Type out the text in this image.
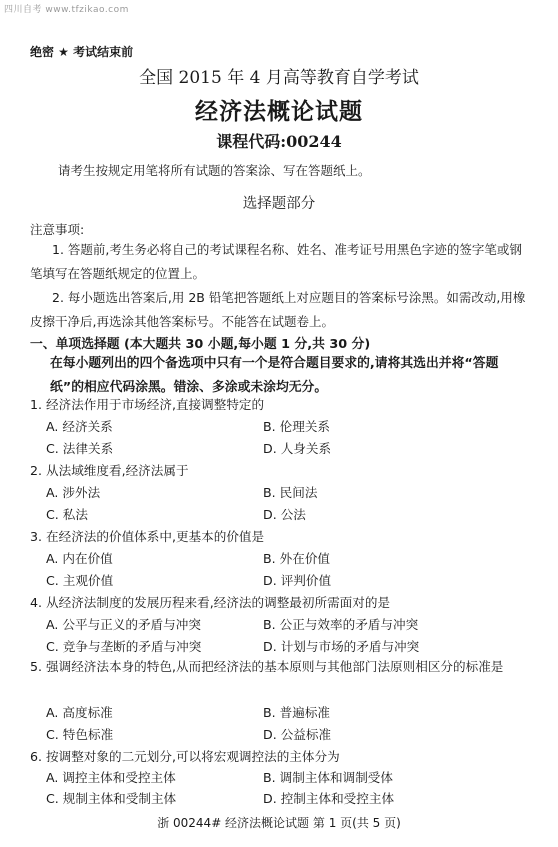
四川自考 www.tfzikao.com
绝密 ★ 考试结束前
全国 2015 年 4 月高等教育自学考试
经济法概论试题
课程代码:00244
请考生按规定用笔将所有试题的答案涂、写在答题纸上。
选择题部分
注意事项:
1. 答题前,考生务必将自己的考试课程名称、姓名、准考证号用黑色字迹的签字笔或钢笔填写在答题纸规定的位置上。
2. 每小题选出答案后,用 2B 铅笔把答题纸上对应题目的答案标号涂黑。如需改动,用橡皮擦干净后,再选涂其他答案标号。不能答在试题卷上。
一、单项选择题 (本大题共 30 小题,每小题 1 分,共 30 分)
在每小题列出的四个备选项中只有一个是符合题目要求的,请将其选出并将“答题纸”的相应代码涂黑。错涂、多涂或未涂均无分。
1. 经济法作用于市场经济,直接调整特定的
A. 经济关系	B. 伦理关系
C. 法律关系	D. 人身关系
2. 从法域维度看,经济法属于
A. 涉外法	B. 民间法
C. 私法	D. 公法
3. 在经济法的价值体系中,更基本的价值是
A. 内在价值	B. 外在价值
C. 主观价值	D. 评判价值
4. 从经济法制度的发展历程来看,经济法的调整最初所需面对的是
A. 公平与正义的矛盾与冲突	B. 公正与效率的矛盾与冲突
C. 竞争与垄断的矛盾与冲突	D. 计划与市场的矛盾与冲突
5. 强调经济法本身的特色,从而把经济法的基本原则与其他部门法原则相区分的标准是
A. 高度标准	B. 普遍标准
C. 特色标准	D. 公益标准
6. 按调整对象的二元划分,可以将宏观调控法的主体分为
A. 调控主体和受控主体	B. 调制主体和调制受体
C. 规制主体和受制主体	D. 控制主体和受控主体
浙 00244# 经济法概论试题 第 1 页(共 5 页)
